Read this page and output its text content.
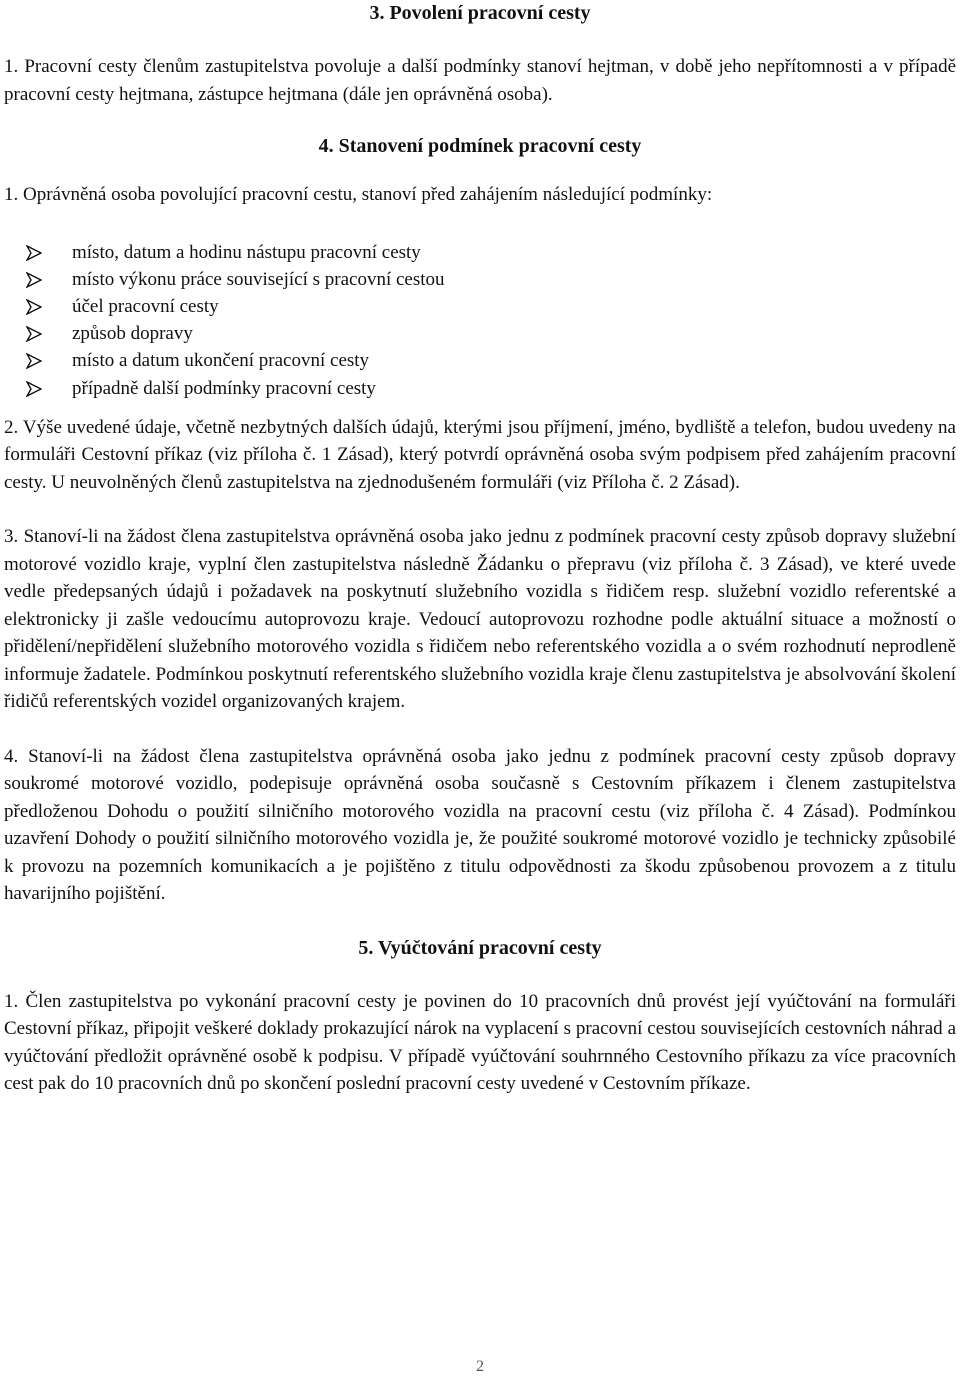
3. Povolení pracovní cesty

1. Pracovní cesty členům zastupitelstva povoluje a další podmínky stanoví hejtman, v době jeho nepřítomnosti a v případě pracovní cesty hejtmana, zástupce hejtmana (dále jen oprávněná osoba).

4. Stanovení podmínek pracovní cesty

1. Oprávněná osoba povolující pracovní cestu, stanoví před zahájením následující podmínky:

místo, datum a hodinu nástupu pracovní cesty
místo výkonu práce související s pracovní cestou
účel pracovní cesty
způsob dopravy
místo a datum ukončení pracovní cesty
případně další podmínky pracovní cesty

2. Výše uvedené údaje, včetně nezbytných dalších údajů, kterými jsou příjmení, jméno, bydliště a telefon, budou uvedeny na formuláři Cestovní příkaz (viz příloha č. 1 Zásad), který potvrdí oprávněná osoba svým podpisem před zahájením pracovní cesty. U neuvolněných členů zastupitelstva na zjednodušeném formuláři (viz Příloha č. 2 Zásad).

3. Stanoví-li na žádost člena zastupitelstva oprávněná osoba jako jednu z podmínek pracovní cesty způsob dopravy služební motorové vozidlo kraje, vyplní člen zastupitelstva následně Žádanku o přepravu (viz příloha č. 3 Zásad), ve které uvede vedle předepsaných údajů i požadavek na poskytnutí služebního vozidla s řidičem resp. služební vozidlo referentské a elektronicky ji zašle vedoucímu autoprovozu kraje. Vedoucí autoprovozu rozhodne podle aktuální situace a možností o přidělení/nepřidělení služebního motorového vozidla s řidičem nebo referentského vozidla a o svém rozhodnutí neprodleně informuje žadatele. Podmínkou poskytnutí referentského služebního vozidla kraje členu zastupitelstva je absolvování školení řidičů referentských vozidel organizovaných krajem.

4. Stanoví-li na žádost člena zastupitelstva oprávněná osoba jako jednu z podmínek pracovní cesty způsob dopravy soukromé motorové vozidlo, podepisuje oprávněná osoba současně s Cestovním příkazem i členem zastupitelstva předloženou Dohodu o použití silničního motorového vozidla na pracovní cestu (viz příloha č. 4 Zásad). Podmínkou uzavření Dohody o použití silničního motorového vozidla je, že použité soukromé motorové vozidlo je technicky způsobilé k provozu na pozemních komunikacích a je pojištěno z titulu odpovědnosti za škodu způsobenou provozem a z titulu havarijního pojištění.

5. Vyúčtování pracovní cesty

1. Člen zastupitelstva po vykonání pracovní cesty je povinen do 10 pracovních dnů provést její vyúčtování na formuláři Cestovní příkaz, připojit veškeré doklady prokazující nárok na vyplacení s pracovní cestou souvisejících cestovních náhrad a vyúčtování předložit oprávněné osobě k podpisu. V případě vyúčtování souhrnného Cestovního příkazu za více pracovních cest pak do 10 pracovních dnů po skončení poslední pracovní cesty uvedené v Cestovním příkaze.

2
